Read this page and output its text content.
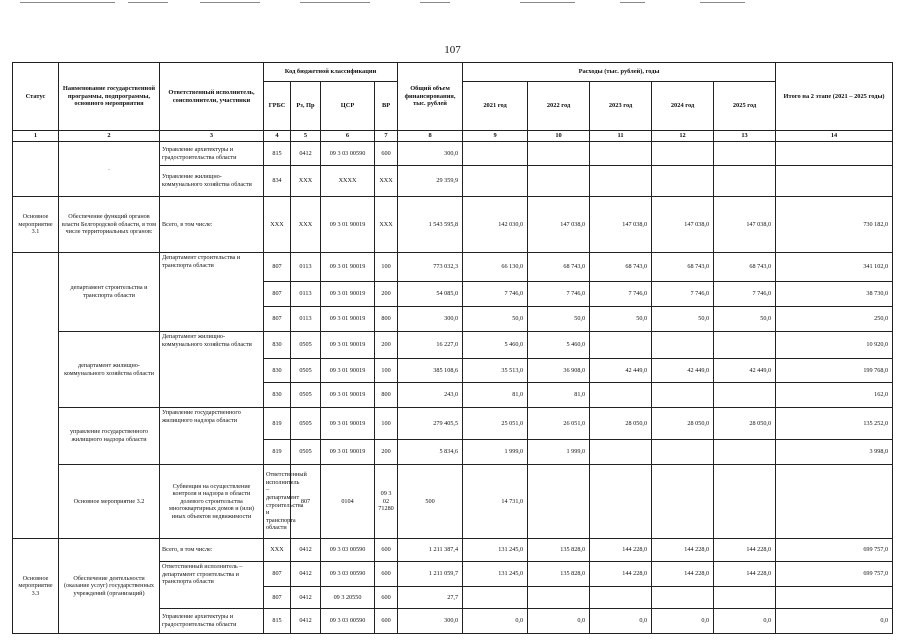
107
Статус	Наименование государственной программы, подпрограммы, основного мероприятия	Ответственный исполнитель, соисполнители, участники	Код бюджетной классификации				Общий объем финансирования, тыс. рублей	Расходы (тыс. рублей), годы					Итого на 2 этапе (2021 – 2025 годы)	
			ГРБС	Рз, Пр	ЦСР	ВР		2021 год	2022 год	2023 год	2024 год	2025 год		
1	2	3	4	5	6	7	8	9	10	11	12	13	14	
	.	Управление архитектуры и градостроительства области	815	0412	09 3 03 00590	600	300,0							
		Управление жилищно-коммунального хозяйства области	834	ХХХ	ХХХХ	ХХХ	29 359,9							
Основное мероприятие 3.1	Обеспечение функций органов власти Белгородской области, в том числе территориальных органов:	Всего, в том числе:	ХХХ	ХХХ	09 3 01 90019	ХХХ	1 543 595,8	142 030,0	147 038,0	147 038,0	147 038,0	147 038,0	730 182,0	
	департамент строительства и транспорта области	Департамент строительства и транспорта области	807	0113	09 3 01 90019	100	773 032,3	66 130,0	68 743,0	68 743,0	68 743,0	68 743,0	341 102,0	
			807	0113	09 3 01 90019	200	54 085,0	7 746,0	7 746,0	7 746,0	7 746,0	7 746,0	38 730,0	
			807	0113	09 3 01 90019	800	300,0	50,0	50,0	50,0	50,0	50,0	250,0	
	департамент жилищно-коммунального хозяйства области	Департамент жилищно-коммунального хозяйства области	830	0505	09 3 01 90019	200	16 227,0	5 460,0	5 460,0				10 920,0	
			830	0505	09 3 01 90019	100	385 108,6	35 513,0	36 908,0	42 449,0	42 449,0	42 449,0	199 768,0	
			830	0505	09 3 01 90019	800	243,0	81,0	81,0				162,0	
	управление государственного жилищного надзора области	Управление государственного жилищного надзора области	819	0505	09 3 01 90019	100	279 405,5	25 051,0	26 051,0	28 050,0	28 050,0	28 050,0	135 252,0	
			819	0505	09 3 01 90019	200	5 834,6	1 999,0	1 999,0				3 998,0	
	Основное мероприятие 3.2	Субвенция на осуществление контроля и надзора в области долевого строительства многоквартирных домов и (или) иных объектов недвижимости	Ответственный исполнитель – департамент строительства и транспорта области	807	0104	09 3 02 71280	500	14 731,0						
Основное мероприятие 3.3	Обеспечение деятельности (оказание услуг) государственных учреждений (организаций)	Всего, в том числе:	ХХХ	0412	09 3 03 00590	600	1 211 387,4	131 245,0	135 828,0	144 228,0	144 228,0	144 228,0	699 757,0	
		Ответственный исполнитель – департамент строительства и транспорта области	807	0412	09 3 03 00590	600	1 211 059,7	131 245,0	135 828,0	144 228,0	144 228,0	144 228,0	699 757,0	
			807	0412	09 3 20550	600	27,7							
		Управление архитектуры и градостроительства области	815	0412	09 3 03 00590	600	300,0	0,0	0,0	0,0	0,0	0,0	0,0	
